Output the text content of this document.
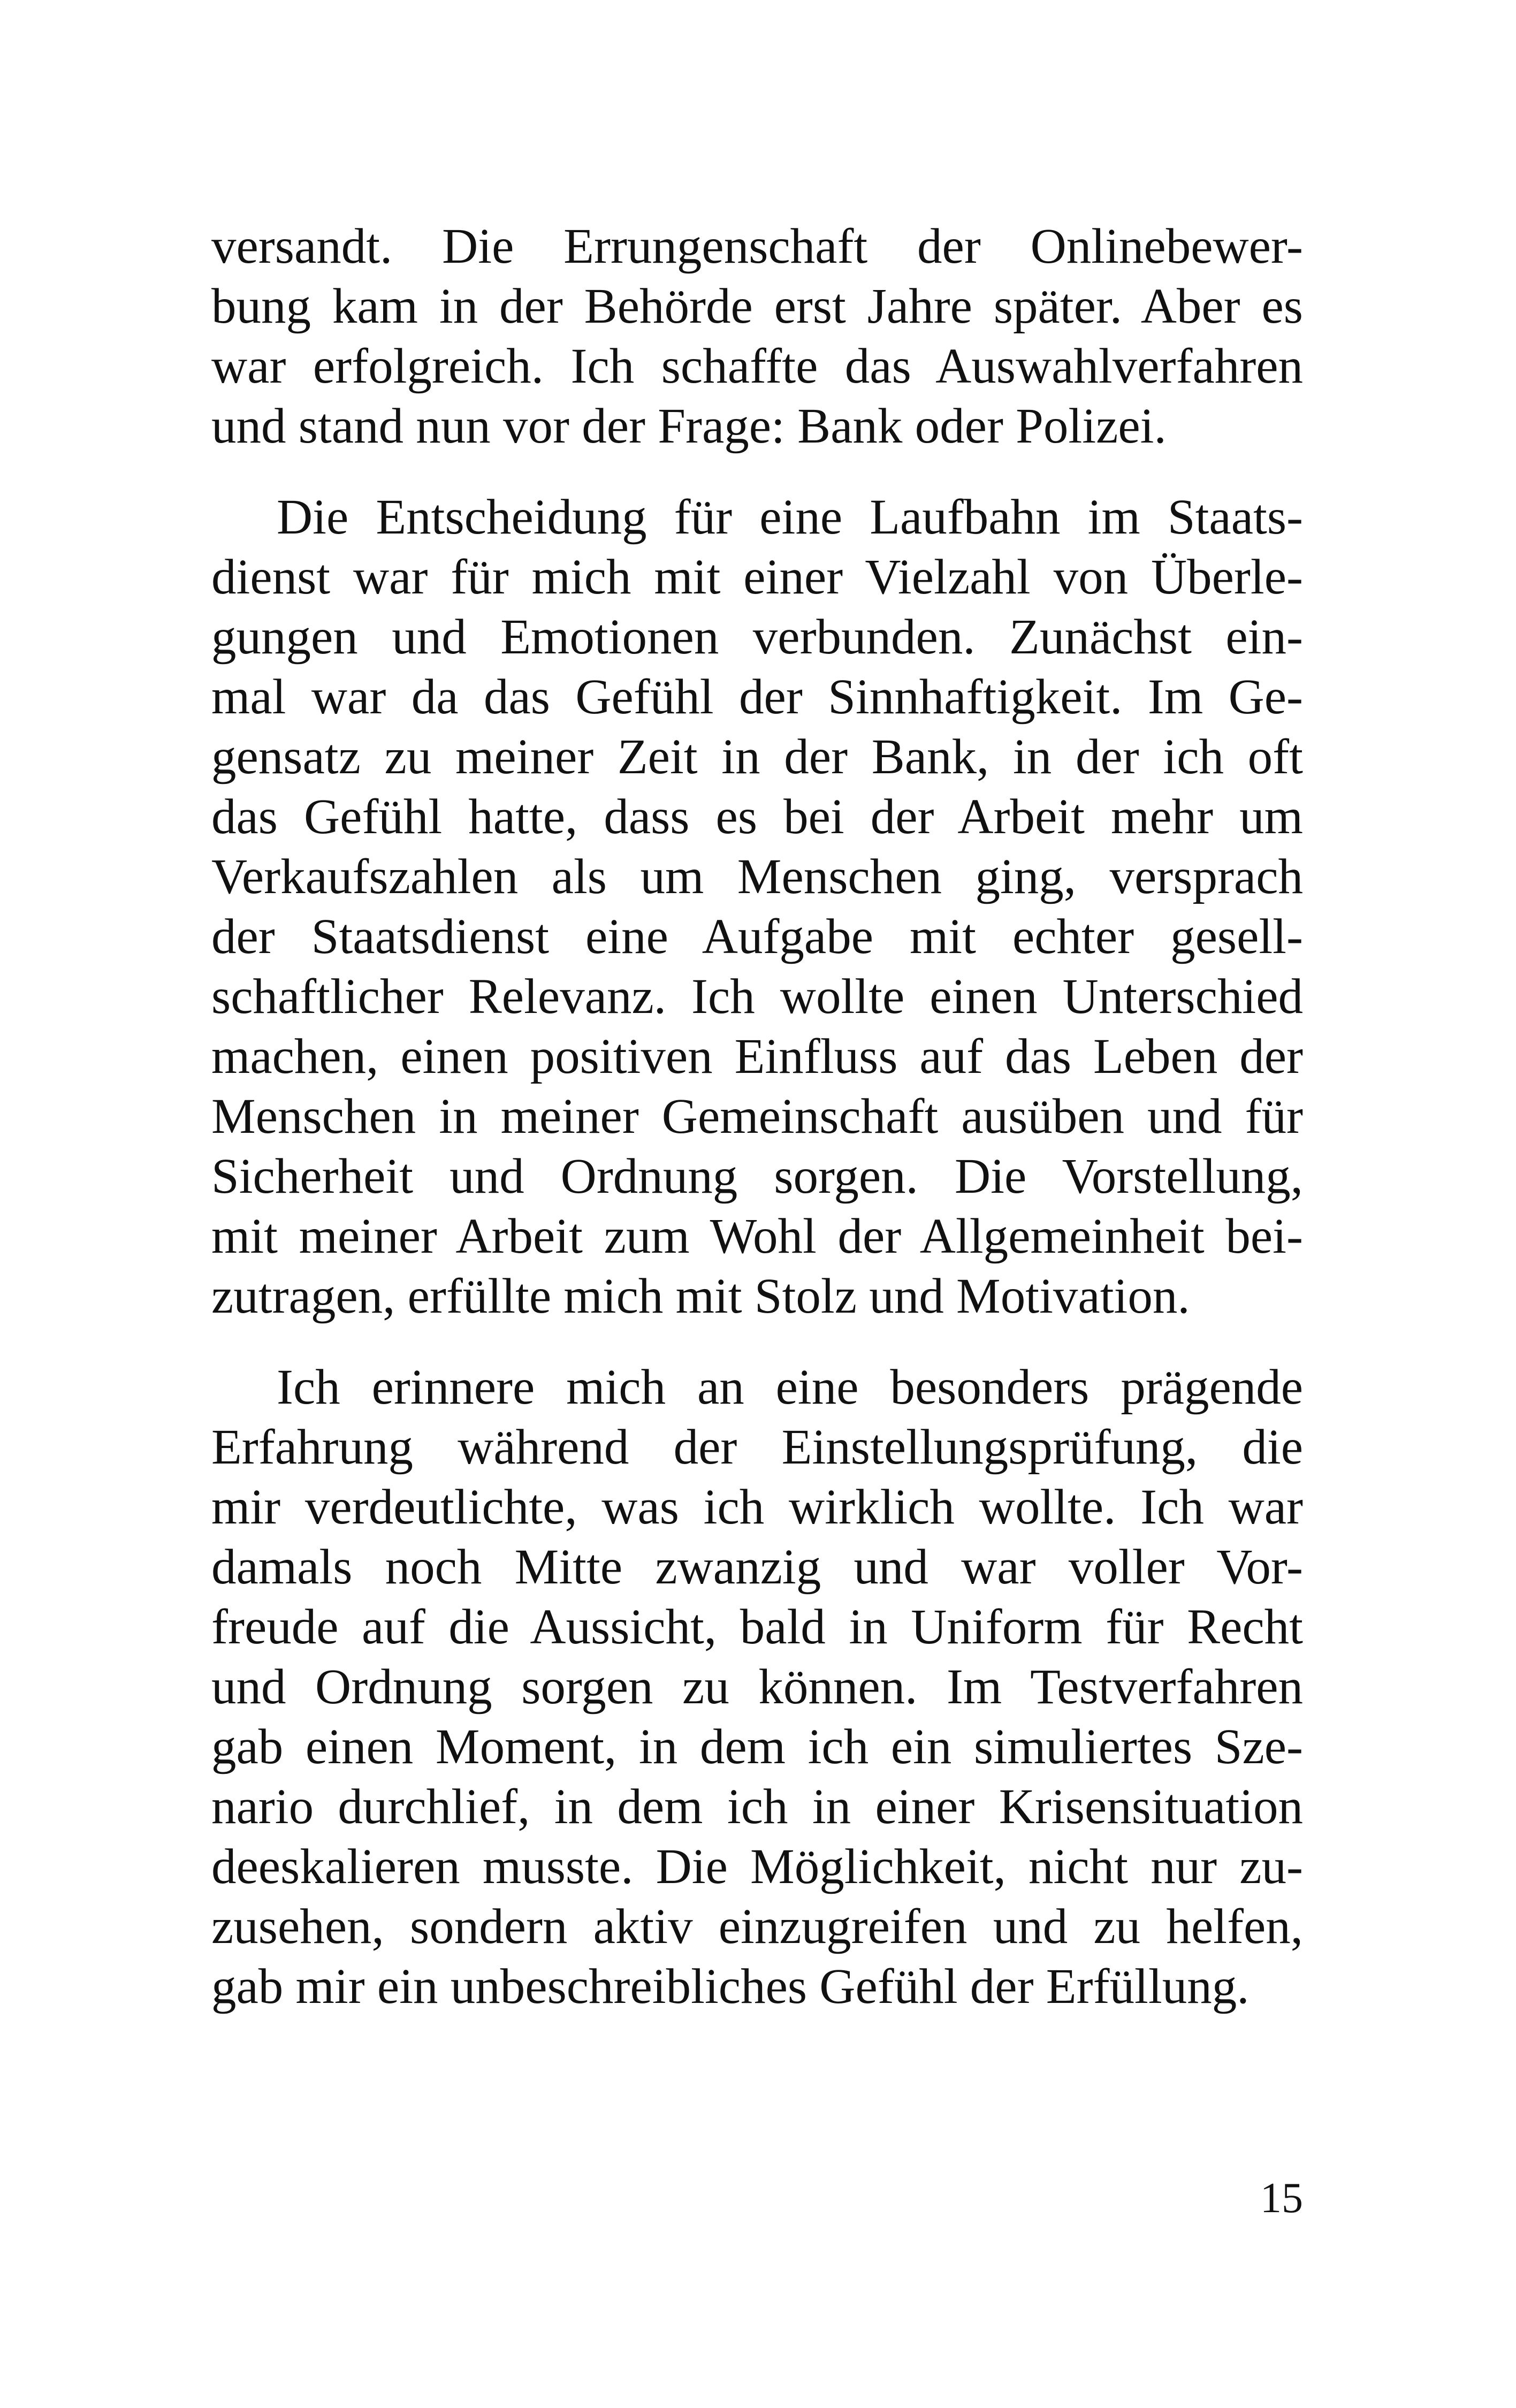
versandt. Die Errungenschaft der Onlinebewer-
bung kam in der Behörde erst Jahre später. Aber es
war erfolgreich. Ich schaffte das Auswahlverfahren
und stand nun vor der Frage: Bank oder Polizei.

Die Entscheidung für eine Laufbahn im Staats-
dienst war für mich mit einer Vielzahl von Überle-
gungen und Emotionen verbunden. Zunächst ein-
mal war da das Gefühl der Sinnhaftigkeit. Im Ge-
gensatz zu meiner Zeit in der Bank, in der ich oft
das Gefühl hatte, dass es bei der Arbeit mehr um
Verkaufszahlen als um Menschen ging, versprach
der Staatsdienst eine Aufgabe mit echter gesell-
schaftlicher Relevanz. Ich wollte einen Unterschied
machen, einen positiven Einfluss auf das Leben der
Menschen in meiner Gemeinschaft ausüben und für
Sicherheit und Ordnung sorgen. Die Vorstellung,
mit meiner Arbeit zum Wohl der Allgemeinheit bei-
zutragen, erfüllte mich mit Stolz und Motivation.

Ich erinnere mich an eine besonders prägende
Erfahrung während der Einstellungsprüfung, die
mir verdeutlichte, was ich wirklich wollte. Ich war
damals noch Mitte zwanzig und war voller Vor-
freude auf die Aussicht, bald in Uniform für Recht
und Ordnung sorgen zu können. Im Testverfahren
gab einen Moment, in dem ich ein simuliertes Sze-
nario durchlief, in dem ich in einer Krisensituation
deeskalieren musste. Die Möglichkeit, nicht nur zu-
zusehen, sondern aktiv einzugreifen und zu helfen,
gab mir ein unbeschreibliches Gefühl der Erfüllung.

15
